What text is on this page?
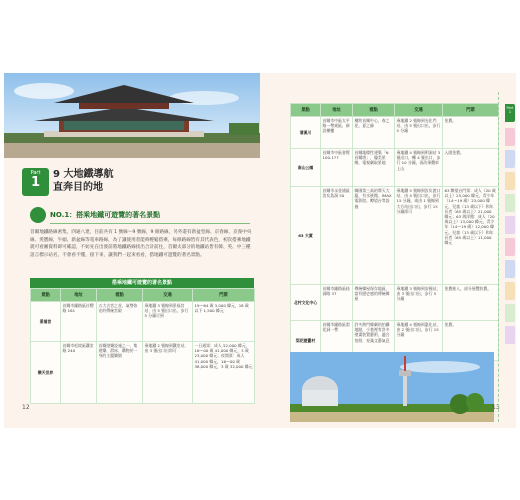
Part
1
9 大地鐵導航
直奔目的地
NO.1：搭乘地鐵可遊覽的著名景點
首爾地鐵路線密集，四通八達，目前共有 1 號線～9 號線，9 條路線，另外還有新盆堂線、京春線、京義中央線、愛寶線，牛頭、新盆線等電車路線，為了讓使用者能夠輕鬆搭乘，每條路線皆有其代表色，初次搭乘地鐵就可看圖資料即可確認，不妨先在出發前將地鐵路線找出合計前往，首爾太部分的地鐵站皆有韓、英、中三種語言標示站名，不會看不懂，接下來，讓我們一起來看看，搭地鐵可遊覽的著名景點。
搭乘地鐵可遊覽的著名景點
景點	地址	看點	交通	門票
景福宮	首爾市鍾路區社稷路 161	五大古宮之首，氣勢恢宏的傳統宮殿	乘地鐵 3 號線到景福宮站，由 5 號出口出，步行 5 分鐘可到	19～64 歲 3,000 韓元，18 歲以下 1,500 韓元
樂天世界	首爾市松坡區蠶室路 240	首爾遊樂設施之一，集遊樂、滑冰、購物於一身的主題樂園	乘地鐵 2 號線到蠶室站，由 3 號出口出即可	一日通票：成人 52,000 韓元，16～00 歲 41,000 韓元，3 歲 23,000 韓元；夜間票：成人 41,000 韓元，16～00 歲 38,000 韓元，3 歲 32,000 韓元
12
景點	地址	看點	交通	門票
清溪川	首爾市中區太平路一帶東區，新設橫樓	橫跨首爾中心，春之花、夏之綠	乘地鐵 2 號線到光化門站，由 5 號出口出，步行 5 分鐘	免費。
南山公園	首爾市中區會賢 100-177	首爾地標性建築「N 首爾塔」，優美景緻、電視劇取景地	乘地鐵 4 號線到明洞站 3 號出口，轉 4 號出口，步行 10 分鐘，再改乘纜車上山	入園免費。
63 大廈	首爾市永登浦區汝矣島洞 50	韓國第三高的摩天大廈，有水族館、IMAX 電影院、瞭望台等設施	乘地鐵 5 號線到汝矣渡口站，由 4 號出口出，步行 15 分鐘，或由 1 號線到大方站出口出，步行 15 分鐘即可	63 瞭望台門票：成人（20 歲以上）25,000 韓元，青少年（14～19 歲）23,000 韓元，兒童（13 歲以下）和年長者（65 歲以上）21,000 韓元；63 海洋館：成人（20 歲以上）13,000 韓元，青少年（14～19 歲）12,000 韓元，兒童（13 歲以下）和年長者（65 歲以上）11,000 韓元
北村文化中心	首爾市鍾路區桂洞路 37	傳統韓屋保存地區，富有歷史感的傳統韓屋	乘地鐵 3 號線到安國站，由 3 號出口出，步行 5 分鐘	免費進入，部分展覽收費。
梨花壁畫村	首爾市鍾路區梨花洞一帶	許多熱門韓劇的拍攝地點，小巷裡有許多壁畫裝置藝術，適合拍照，充滿文藝氣息	乘地鐵 4 號線到惠化站，由 2 號出口出，步行 15 分鐘	免費。
13
Part 1
